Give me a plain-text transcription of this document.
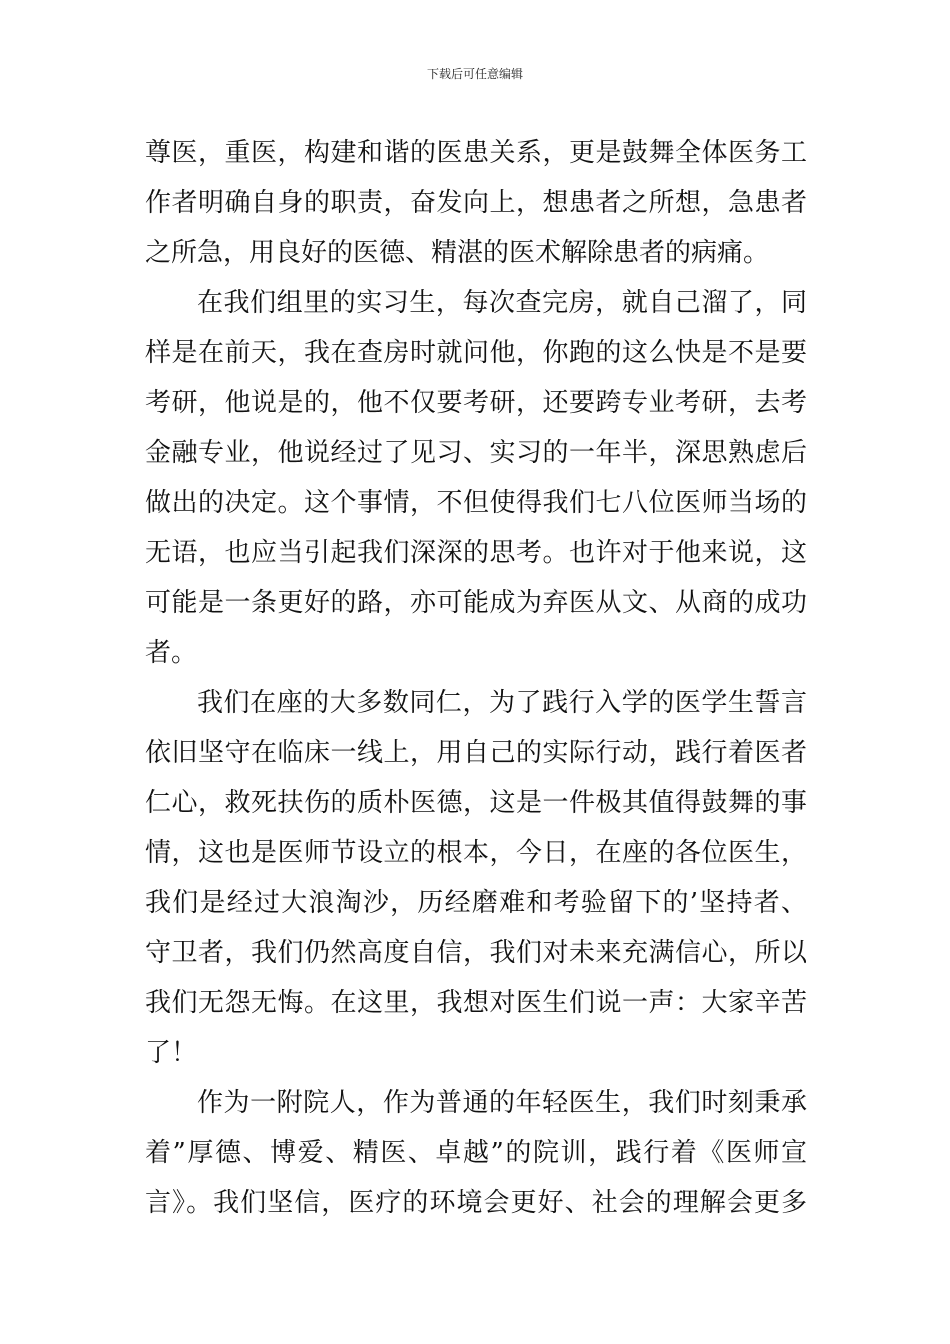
下载后可任意编辑
尊医，重医，构建和谐的医患关系，更是鼓舞全体医务工
作者明确自身的职责，奋发向上，想患者之所想，急患者
之所急，用良好的医德、精湛的医术解除患者的病痛。
在我们组里的实习生，每次查完房，就自己溜了，同
样是在前天，我在查房时就问他，你跑的这么快是不是要
考研，他说是的，他不仅要考研，还要跨专业考研，去考
金融专业，他说经过了见习、实习的一年半，深思熟虑后
做出的决定。这个事情，不但使得我们七八位医师当场的
无语，也应当引起我们深深的思考。也许对于他来说，这
可能是一条更好的路，亦可能成为弃医从文、从商的成功
者。
我们在座的大多数同仁，为了践行入学的医学生誓言
依旧坚守在临床一线上，用自己的实际行动，践行着医者
仁心，救死扶伤的质朴医德，这是一件极其值得鼓舞的事
情，这也是医师节设立的根本，今日，在座的各位医生，
我们是经过大浪淘沙，历经磨难和考验留下的’坚持者、
守卫者，我们仍然高度自信，我们对未来充满信心，所以
我们无怨无悔。在这里，我想对医生们说一声：大家辛苦
了！
作为一附院人，作为普通的年轻医生，我们时刻秉承
着”厚德、博爱、精医、卓越”的院训，践行着《医师宣
言》。我们坚信，医疗的环境会更好、社会的理解会更多
